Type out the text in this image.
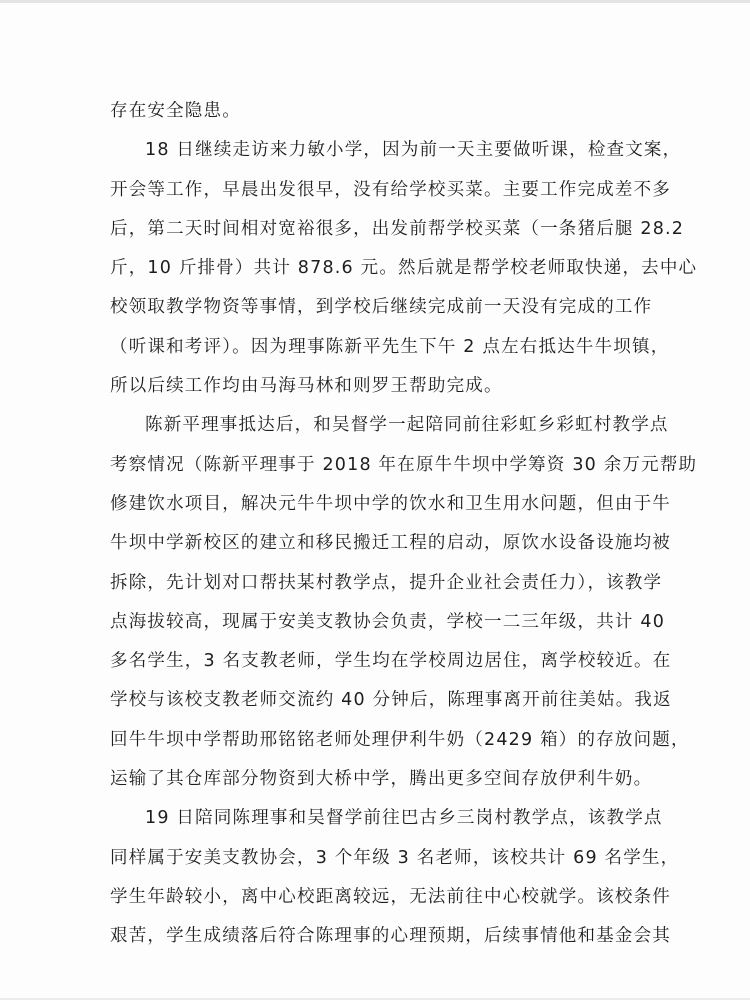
存在安全隐患。
18 日继续走访来力敏小学，因为前一天主要做听课，检查文案，
开会等工作，早晨出发很早，没有给学校买菜。主要工作完成差不多
后，第二天时间相对宽裕很多，出发前帮学校买菜（一条猪后腿 28.2
斤，10 斤排骨）共计 878.6 元。然后就是帮学校老师取快递，去中心
校领取教学物资等事情，到学校后继续完成前一天没有完成的工作
（听课和考评）。因为理事陈新平先生下午 2 点左右抵达牛牛坝镇，
所以后续工作均由马海马林和则罗王帮助完成。
陈新平理事抵达后，和吴督学一起陪同前往彩虹乡彩虹村教学点
考察情况（陈新平理事于 2018 年在原牛牛坝中学筹资 30 余万元帮助
修建饮水项目，解决元牛牛坝中学的饮水和卫生用水问题，但由于牛
牛坝中学新校区的建立和移民搬迁工程的启动，原饮水设备设施均被
拆除，先计划对口帮扶某村教学点，提升企业社会责任力），该教学
点海拔较高，现属于安美支教协会负责，学校一二三年级，共计 40
多名学生，3 名支教老师，学生均在学校周边居住，离学校较近。在
学校与该校支教老师交流约 40 分钟后，陈理事离开前往美姑。我返
回牛牛坝中学帮助邢铭铭老师处理伊利牛奶（2429 箱）的存放问题，
运输了其仓库部分物资到大桥中学，腾出更多空间存放伊利牛奶。
19 日陪同陈理事和吴督学前往巴古乡三岗村教学点，该教学点
同样属于安美支教协会，3 个年级 3 名老师，该校共计 69 名学生，
学生年龄较小，离中心校距离较远，无法前往中心校就学。该校条件
艰苦，学生成绩落后符合陈理事的心理预期，后续事情他和基金会其
